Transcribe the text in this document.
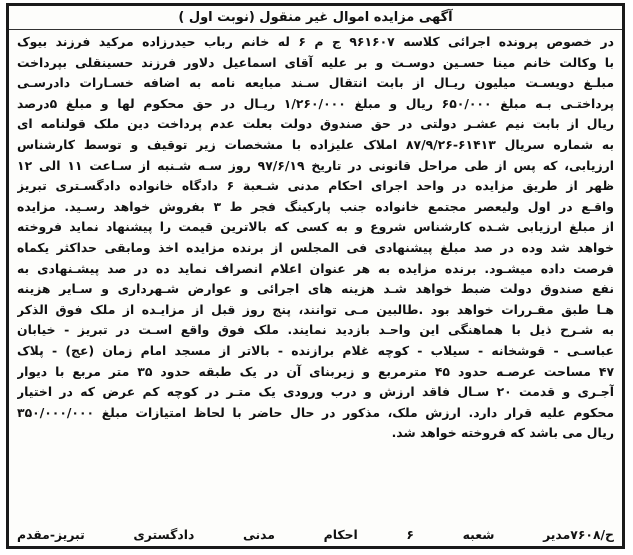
آگهی مزایده اموال غیر منقول (نوبت اول )
در خصوص پرونده اجرائی کلاسه ۹۶۱۶۰۷ ج م ۶ له خانم رباب حیدرزاده مرکید فرزند بیوک
با وکالت خانم مینا حسـین دوسـت و بر علیه آقای اسماعیل دلاور فرزند حسینقلی بپرداخت
مبلـغ دویسـت میلیون ریـال از بابت انتقال سـند مبایعه نامه به اضافه خسـارات دادرسـی
پرداختـی بـه مبلغ ۶۵۰/۰۰۰ ریال و مبلغ ۱/۲۶۰/۰۰۰ ریـال در حق محکوم لها و مبلغ ۵درصد
ریال از بابت نیم عشـر دولتی در حق صندوق دولت بعلت عدم پرداخت دین ملک قولنامه ای
به شماره سریال ۶۱۴۱۳-۸۷/۹/۲۶ املاک علیزاده با مشخصات زیر توقیف و توسط کارشناس
ارزیابی، که پس از طی مراحل قانونی در تاریخ ۹۷/۶/۱۹ روز سـه شـنبه از سـاعت ۱۱ الی ۱۲
ظهر از طریق مزایده در واحد اجرای احکام مدنی شـعبة ۶ دادگاه خانواده دادگسـتری تبریز
واقـع در اول ولیعصر مجتمع خانواده جنب پارکینگ فجر ط ۳ بفروش خواهد رسـید. مزایده
از مبلغ ارزیابی شـده کارشناس شروع و به کسی که بالاترین قیمت را پیشنهاد نماید فروخته
خواهد شد وده در صد مبلغ پیشنهادی فی المجلس از برنده مزایده اخذ ومابقی حداکثر یکماه
فرصت داده میشـود. برنده مزایده به هر عنوان اعلام انصراف نماید ده در صد پیشـنهادی به
نفع صندوق دولت ضبط خواهد شـد هزینه های اجرائی و عوارض شـهرداری و سـایر هزینه
هـا طبق مقـررات خواهد بود .طالبین مـی توانند، پنج روز قبل از مزایـده از ملک فوق الذکر
به شـرح ذیل با هماهنگی این واحـد بازدید نمایند. ملک فوق واقع اسـت در تبریز - خیابان
عباسـی - قوشخانه - سیلاب - کوچه غلام برازنده - بالاتر از مسجد امام زمان (عج) - پلاک
۴۷ مساحت عرصـه حدود ۴۵ مترمربع و زیربنای آن در یک طبقه حدود ۳۵ متر مربع با دیوار
آجـری و قدمت ۲۰ سـال فاقد ارزش و درب ورودی یک متـر در کوچه کم عرض که در اختیار
محکوم علیه قرار دارد. ارزش ملک، مذکور در حال حاضر با لحاظ امتیازات مبلغ ۳۵۰/۰۰۰/۰۰۰
ریال می باشد که فروخته خواهد شد.
ح/۷۶۰۸مدیر شعبه ۶ احکام مدنی دادگستری تبریز-مقدم
